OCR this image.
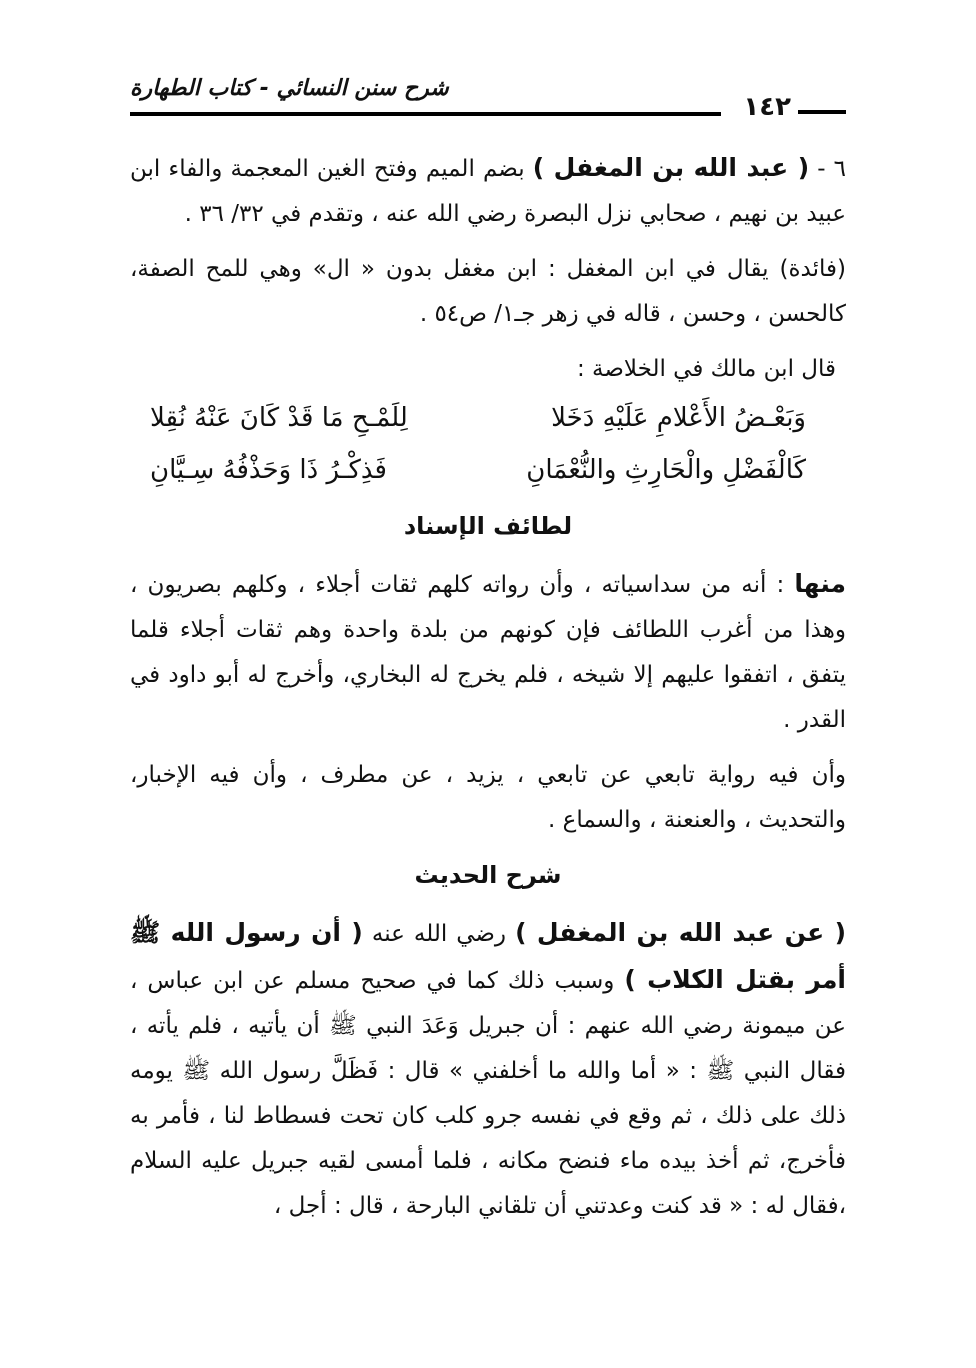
شرح سنن النسائي - كتاب الطهارة
١٤٢

٦ - ( عبد الله بن المغفل ) بضم الميم وفتح الغين المعجمة والفاء ابن عبيد بن نهيم ، صحابي نزل البصرة رضي الله عنه ، وتقدم في ٣٢/ ٣٦ .

(فائدة) يقال في ابن المغفل : ابن مغفل بدون « ال» وهي للمح الصفة، كالحسن ، وحسن ، قاله في زهر جـ١/ ص٥٤ .

قال ابن مالك في الخلاصة :

وَبَعْـضُ الأَعْلامِ عَلَيْهِ دَخَلا
لِلَمْـحِ مَا قَدْ كَانَ عَنْهُ نُقِلا
كَالْفَضْلِ والْحَارِثِ والنُّعْمَانِ
فَذِكْـرُ ذَا وَحَذْفُهُ سِـيَّانِ
لطائف الإسناد

منها : أنه من سداسياته ، وأن رواته كلهم ثقات أجلاء ، وكلهم بصريون ، وهذا من أغرب اللطائف فإن كونهم من بلدة واحدة وهم ثقات أجلاء قلما يتفق ، اتفقوا عليهم إلا شيخه ، فلم يخرج له البخاري، وأخرج له أبو داود في القدر .

وأن فيه رواية تابعي عن تابعي ، يزيد ، عن مطرف ، وأن فيه الإخبار، والتحديث ، والعنعنة ، والسماع .

شرح الحديث

( عن عبد الله بن المغفل ) رضي الله عنه ( أن رسول الله ﷺ أمر بقتل الكلاب ) وسبب ذلك كما في صحيح مسلم عن ابن عباس ، عن ميمونة رضي الله عنهم : أن جبريل وَعَدَ النبي ﷺ أن يأتيه ، فلم يأته ، فقال النبي ﷺ : « أما والله ما أخلفني » قال : فَظَلَّ رسول الله ﷺ يومه ذلك على ذلك ، ثم وقع في نفسه جرو كلب كان تحت فسطاط لنا ، فأمر به فأخرج، ثم أخذ بيده ماء فنضح مكانه ، فلما أمسى لقيه جبريل عليه السلام ،فقال له : « قد كنت وعدتني أن تلقاني البارحة ، قال : أجل ،
